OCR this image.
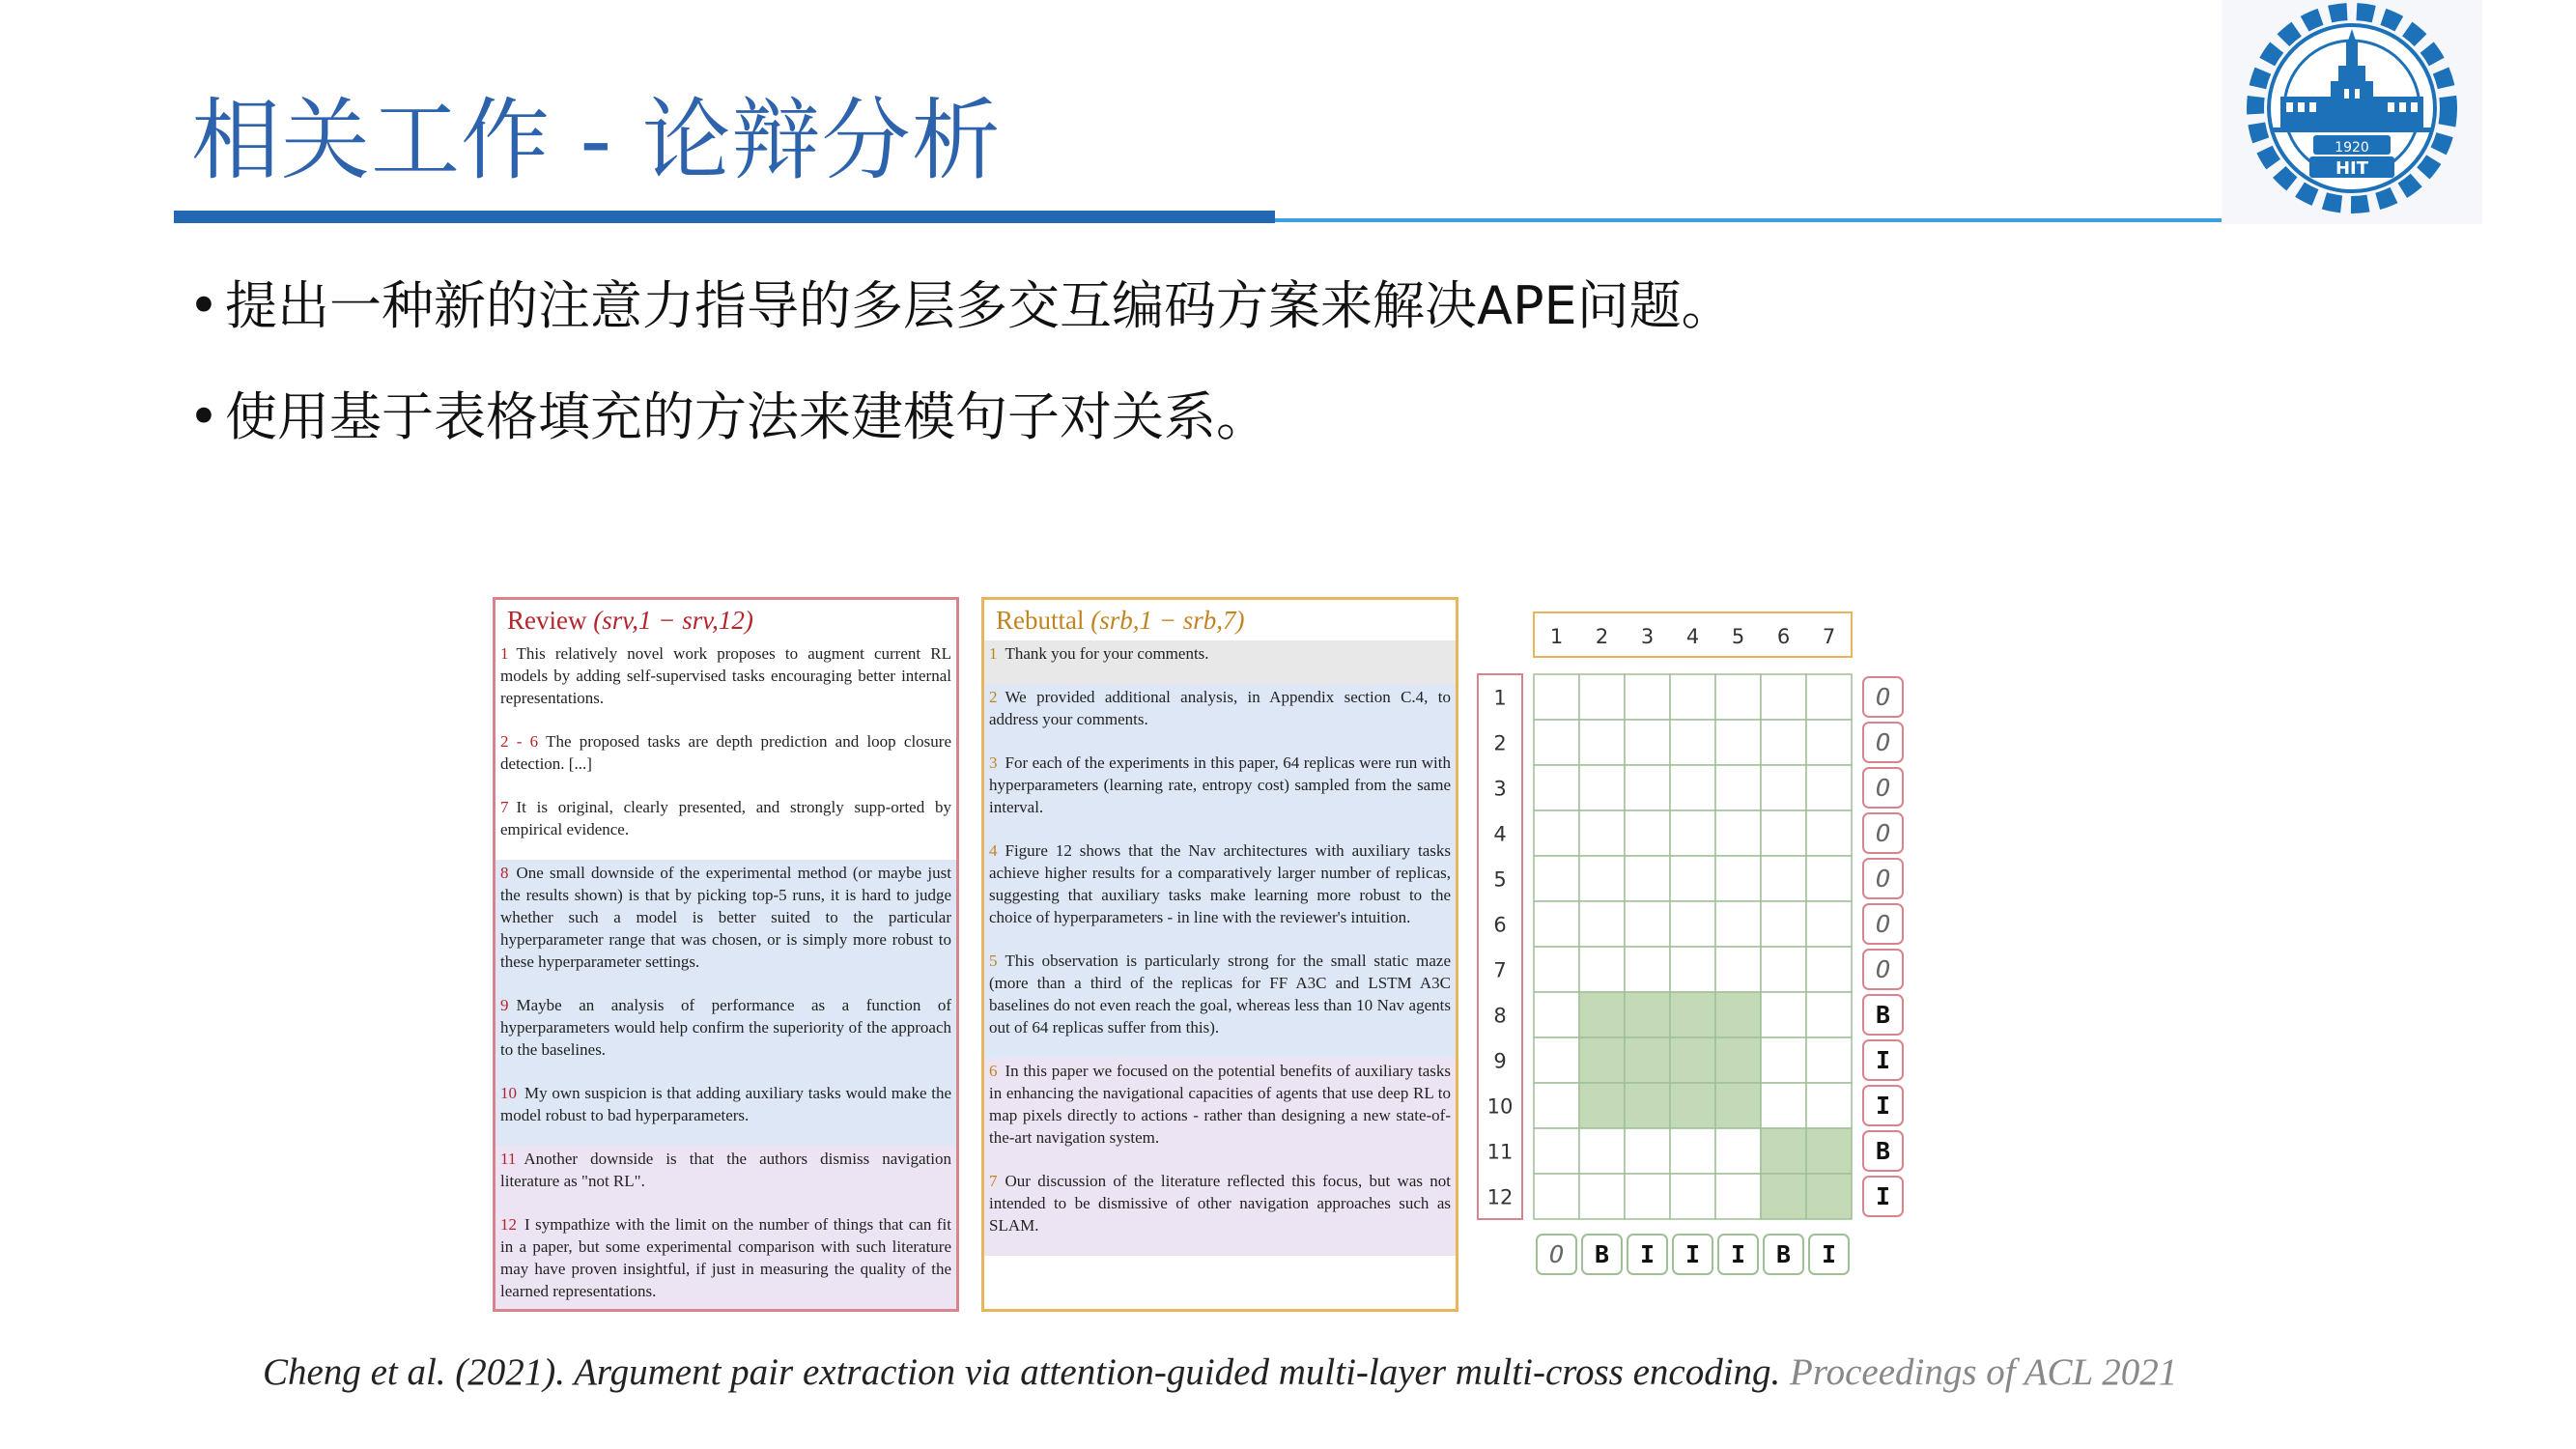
相关工作 - 论辩分析	1920
HIT
• 提出一种新的注意力指导的多层多交互编码方案来解决APE问题。
• 使用基于表格填充的方法来建模句子对关系。
Review (srv,1 − srv,12)
1 This relatively novel work proposes to augment current RL models by adding self-supervised tasks encouraging better internal representations.
2 - 6 The proposed tasks are depth prediction and loop closure detection. [...]
7 It is original, clearly presented, and strongly supp-orted by empirical evidence.
8 One small downside of the experimental method (or maybe just the results shown) is that by picking top-5 runs, it is hard to judge whether such a model is better suited to the particular hyperparameter range that was chosen, or is simply more robust to these hyperparameter settings.
9 Maybe an analysis of performance as a function of hyperparameters would help confirm the superiority of the approach to the baselines.
10 My own suspicion is that adding auxiliary tasks would make the model robust to bad hyperparameters.
11 Another downside is that the authors dismiss navigation literature as "not RL".
12 I sympathize with the limit on the number of things that can fit in a paper, but some experimental comparison with such literature may have proven insightful, if just in measuring the quality of the learned representations.
Rebuttal (srb,1 − srb,7)
1 Thank you for your comments.
2 We provided additional analysis, in Appendix section C.4, to address your comments.
3 For each of the experiments in this paper, 64 replicas were run with hyperparameters (learning rate, entropy cost) sampled from the same interval.
4 Figure 12 shows that the Nav architectures with auxiliary tasks achieve higher results for a comparatively larger number of replicas, suggesting that auxiliary tasks make learning more robust to the choice of hyperparameters - in line with the reviewer's intuition.
5 This observation is particularly strong for the small static maze (more than a third of the replicas for FF A3C and LSTM A3C baselines do not even reach the goal, whereas less than 10 Nav agents out of 64 replicas suffer from this).
6 In this paper we focused on the potential benefits of auxiliary tasks in enhancing the navigational capacities of agents that use deep RL to map pixels directly to actions - rather than designing a new state-of-the-art navigation system.
7 Our discussion of the literature reflected this focus, but was not intended to be dismissive of other navigation approaches such as SLAM.
1 2 3 4 5 6 7
1
2
3
4
5
6
7
8
9
10
11
12
O
O
O
O
O
O
O
B
I
I
B
I
O B I I I B I
Cheng et al. (2021). Argument pair extraction via attention-guided multi-layer multi-cross encoding. Proceedings of ACL 2021
